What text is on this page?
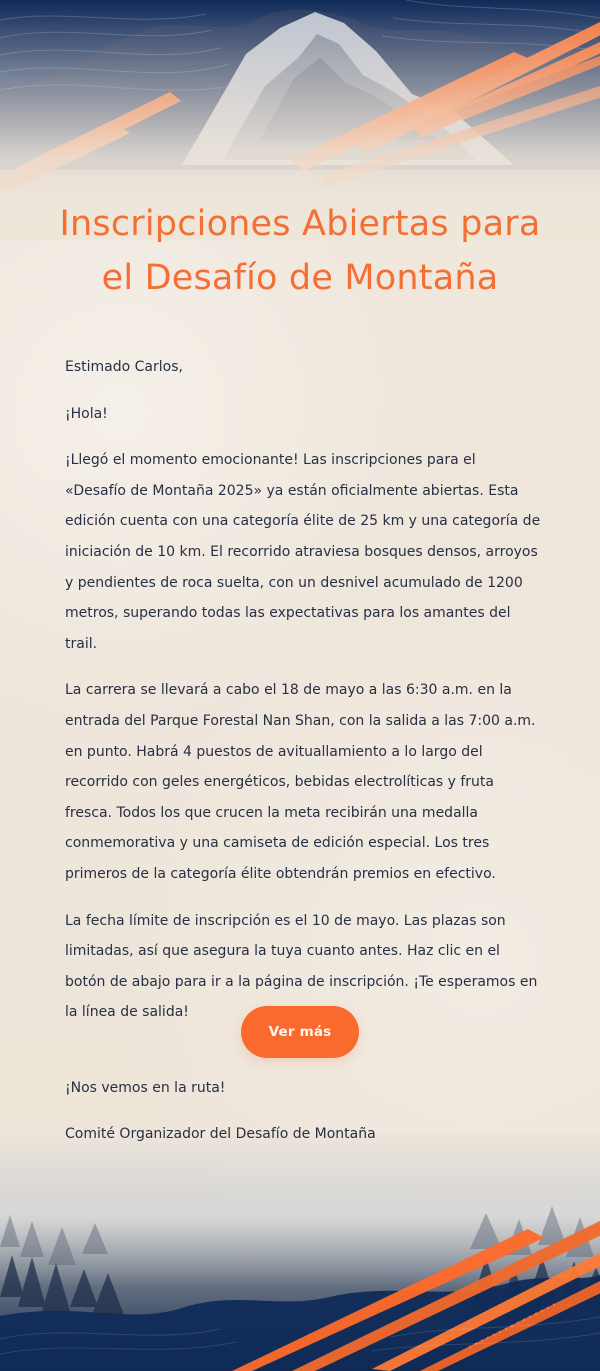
Inscripciones Abiertas para
el Desafío de Montaña

Estimado Carlos,

¡Hola!

¡Llegó el momento emocionante! Las inscripciones para el «Desafío de Montaña 2025» ya están oficialmente abiertas. Esta edición cuenta con una categoría élite de 25 km y una categoría de iniciación de 10 km. El recorrido atraviesa bosques densos, arroyos y pendientes de roca suelta, con un desnivel acumulado de 1200 metros, superando todas las expectativas para los amantes del trail.

La carrera se llevará a cabo el 18 de mayo a las 6:30 a.m. en la entrada del Parque Forestal Nan Shan, con la salida a las 7:00 a.m. en punto. Habrá 4 puestos de avituallamiento a lo largo del recorrido con geles energéticos, bebidas electrolíticas y fruta fresca. Todos los que crucen la meta recibirán una medalla conmemorativa y una camiseta de edición especial. Los tres primeros de la categoría élite obtendrán premios en efectivo.

La fecha límite de inscripción es el 10 de mayo. Las plazas son limitadas, así que asegura la tuya cuanto antes. Haz clic en el botón de abajo para ir a la página de inscripción. ¡Te esperamos en la línea de salida!

Ver más

¡Nos vemos en la ruta!

Comité Organizador del Desafío de Montaña
